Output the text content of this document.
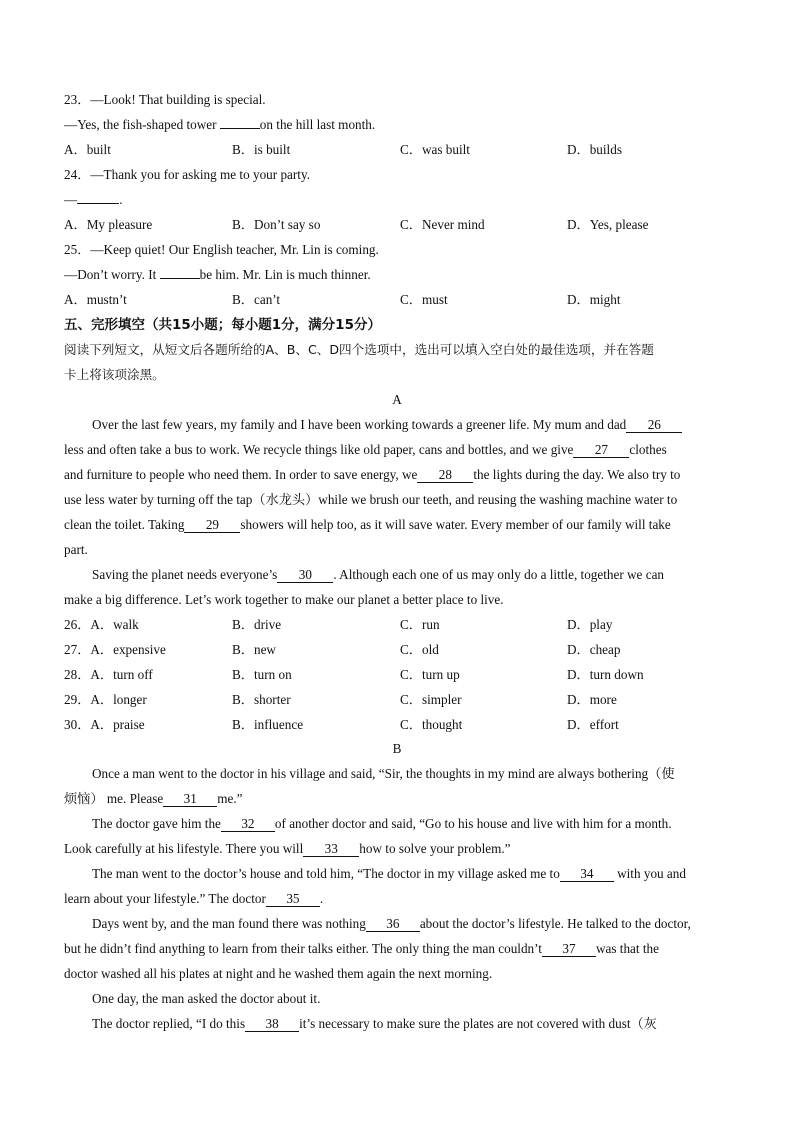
23．—Look! That building is special.
—Yes, the fish-shaped tower	on the hill last month.
A．built	B．is built	C．was built	D．builds
24．—Thank you for asking me to your party.
—	.
A．My pleasure	B．Don’t say so	C．Never mind	D．Yes, please
25．—Keep quiet! Our English teacher, Mr. Lin is coming.
—Don’t worry. It	be him. Mr. Lin is much thinner.
A．mustn’t	B．can’t	C．must	D．might
五、完形填空（共15小题；每小题1分，满分15分）
阅读下列短文，从短文后各题所给的A、B、C、D四个选项中，选出可以填入空白处的最佳选项，并在答题
卡上将该项涂黑。
A
Over the last few years, my family and I have been working towards a greener life. My mum and dad 26
less and often take a bus to work. We recycle things like old paper, cans and bottles, and we give 27 clothes
and furniture to people who need them. In order to save energy, we 28 the lights during the day. We also try to
use less water by turning off the tap（水龙头）while we brush our teeth, and reusing the washing machine water to
clean the toilet. Taking 29 showers will help too, as it will save water. Every member of our family will take
part.
Saving the planet needs everyone’s 30 . Although each one of us may only do a little, together we can
make a big difference. Let’s work together to make our planet a better place to live.
26．A．walk	B．drive	C．run	D．play
27．A．expensive	B．new	C．old	D．cheap
28．A．turn off	B．turn on	C．turn up	D．turn down
29．A．longer	B．shorter	C．simpler	D．more
30．A．praise	B．influence	C．thought	D．effort
B
Once a man went to the doctor in his village and said, “Sir, the thoughts in my mind are always bothering（使
烦恼） me. Please 31 me.”
The doctor gave him the 32 of another doctor and said, “Go to his house and live with him for a month.
Look carefully at his lifestyle. There you will 33 how to solve your problem.”
The man went to the doctor’s house and told him, “The doctor in my village asked me to 34 with you and
learn about your lifestyle.” The doctor 35 .
Days went by, and the man found there was nothing 36 about the doctor’s lifestyle. He talked to the doctor,
but he didn’t find anything to learn from their talks either. The only thing the man couldn’t 37 was that the
doctor washed all his plates at night and he washed them again the next morning.
One day, the man asked the doctor about it.
The doctor replied, “I do this 38 it’s necessary to make sure the plates are not covered with dust（灰
